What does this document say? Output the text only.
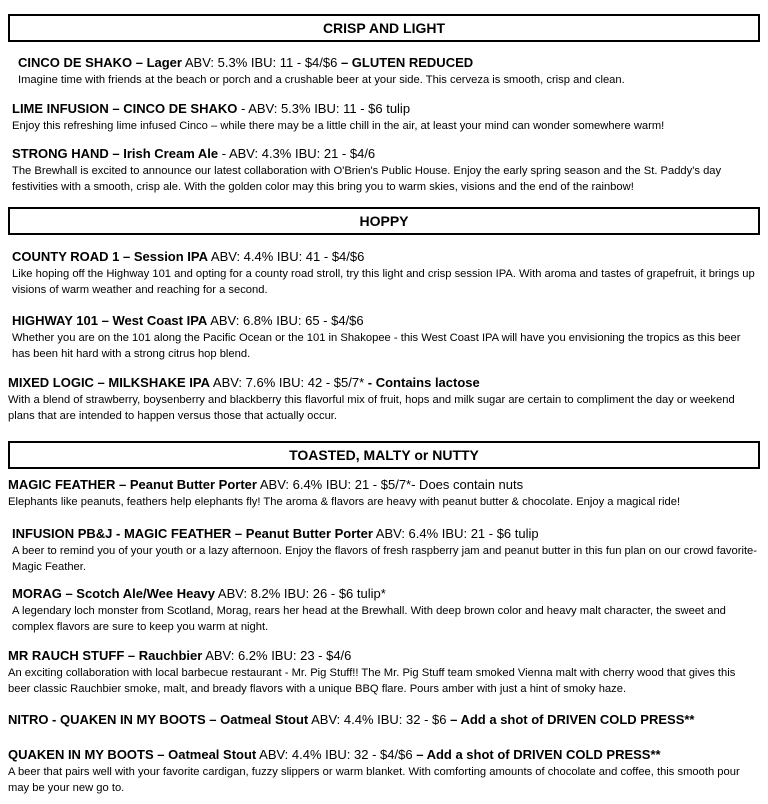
CRISP AND LIGHT
CINCO DE SHAKO – Lager ABV: 5.3% IBU: 11 - $4/$6 – GLUTEN REDUCED
Imagine time with friends at the beach or porch and a crushable beer at your side. This cerveza is smooth, crisp and clean.
LIME INFUSION – CINCO DE SHAKO - ABV: 5.3% IBU: 11 - $6 tulip
Enjoy this refreshing lime infused Cinco – while there may be a little chill in the air, at least your mind can wonder somewhere warm!
STRONG HAND – Irish Cream Ale - ABV: 4.3% IBU: 21 - $4/6
The Brewhall is excited to announce our latest collaboration with O'Brien's Public House. Enjoy the early spring season and the St. Paddy's day festivities with a smooth, crisp ale. With the golden color may this bring you to warm skies, visions and the end of the rainbow!
HOPPY
COUNTY ROAD 1 – Session IPA ABV: 4.4% IBU: 41 - $4/$6
Like hoping off the Highway 101 and opting for a county road stroll, try this light and crisp session IPA. With aroma and tastes of grapefruit, it brings up visions of warm weather and reaching for a second.
HIGHWAY 101 – West Coast IPA ABV: 6.8% IBU: 65 - $4/$6
Whether you are on the 101 along the Pacific Ocean or the 101 in Shakopee - this West Coast IPA will have you envisioning the tropics as this beer has been hit hard with a strong citrus hop blend.
MIXED LOGIC – MILKSHAKE IPA ABV: 7.6% IBU: 42 - $5/7* - Contains lactose
With a blend of strawberry, boysenberry and blackberry this flavorful mix of fruit, hops and milk sugar are certain to compliment the day or weekend plans that are intended to happen versus those that actually occur.
TOASTED, MALTY or NUTTY
MAGIC FEATHER – Peanut Butter Porter ABV: 6.4% IBU: 21 - $5/7*- Does contain nuts
Elephants like peanuts, feathers help elephants fly! The aroma & flavors are heavy with peanut butter & chocolate. Enjoy a magical ride!
INFUSION PB&J - MAGIC FEATHER – Peanut Butter Porter ABV: 6.4% IBU: 21 - $6 tulip
A beer to remind you of your youth or a lazy afternoon. Enjoy the flavors of fresh raspberry jam and peanut butter in this fun plan on our crowd favorite- Magic Feather.
MORAG – Scotch Ale/Wee Heavy ABV: 8.2% IBU: 26 - $6 tulip*
A legendary loch monster from Scotland, Morag, rears her head at the Brewhall. With deep brown color and heavy malt character, the sweet and complex flavors are sure to keep you warm at night.
MR RAUCH STUFF – Rauchbier ABV: 6.2% IBU: 23 - $4/6
An exciting collaboration with local barbecue restaurant - Mr. Pig Stuff!! The Mr. Pig Stuff team smoked Vienna malt with cherry wood that gives this beer classic Rauchbier smoke, malt, and bready flavors with a unique BBQ flare. Pours amber with just a hint of smoky haze.
NITRO - QUAKEN IN MY BOOTS – Oatmeal Stout ABV: 4.4% IBU: 32 - $6 – Add a shot of DRIVEN COLD PRESS**
QUAKEN IN MY BOOTS – Oatmeal Stout ABV: 4.4% IBU: 32 - $4/$6 – Add a shot of DRIVEN COLD PRESS**
A beer that pairs well with your favorite cardigan, fuzzy slippers or warm blanket. With comforting amounts of chocolate and coffee, this smooth pour may be your new go to.
